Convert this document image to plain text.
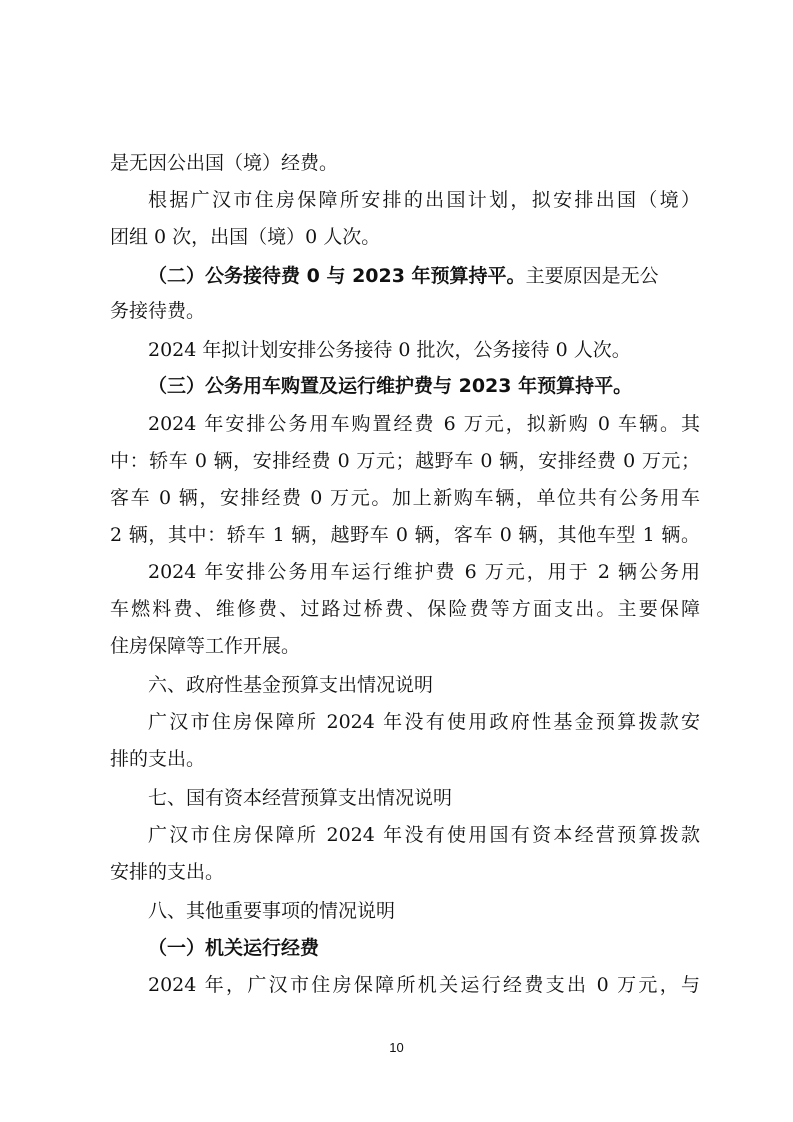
是无因公出国（境）经费。

根据广汉市住房保障所安排的出国计划，拟安排出国（境）

团组 0 次，出国（境）0 人次。

（二）公务接待费 0 与 2023 年预算持平。主要原因是无公

务接待费。

2024 年拟计划安排公务接待 0 批次，公务接待 0 人次。

（三）公务用车购置及运行维护费与 2023 年预算持平。

2024 年安排公务用车购置经费 6 万元，拟新购 0 车辆。其

中：轿车 0 辆，安排经费 0 万元；越野车 0 辆，安排经费 0 万元；

客车 0 辆，安排经费 0 万元。加上新购车辆，单位共有公务用车

2 辆，其中：轿车 1 辆，越野车 0 辆，客车 0 辆，其他车型 1 辆。

2024 年安排公务用车运行维护费 6 万元，用于 2 辆公务用

车燃料费、维修费、过路过桥费、保险费等方面支出。主要保障

住房保障等工作开展。

六、政府性基金预算支出情况说明

广汉市住房保障所 2024 年没有使用政府性基金预算拨款安

排的支出。

七、国有资本经营预算支出情况说明

广汉市住房保障所 2024 年没有使用国有资本经营预算拨款

安排的支出。

八、其他重要事项的情况说明

（一）机关运行经费

2024 年，广汉市住房保障所机关运行经费支出 0 万元，与

10
